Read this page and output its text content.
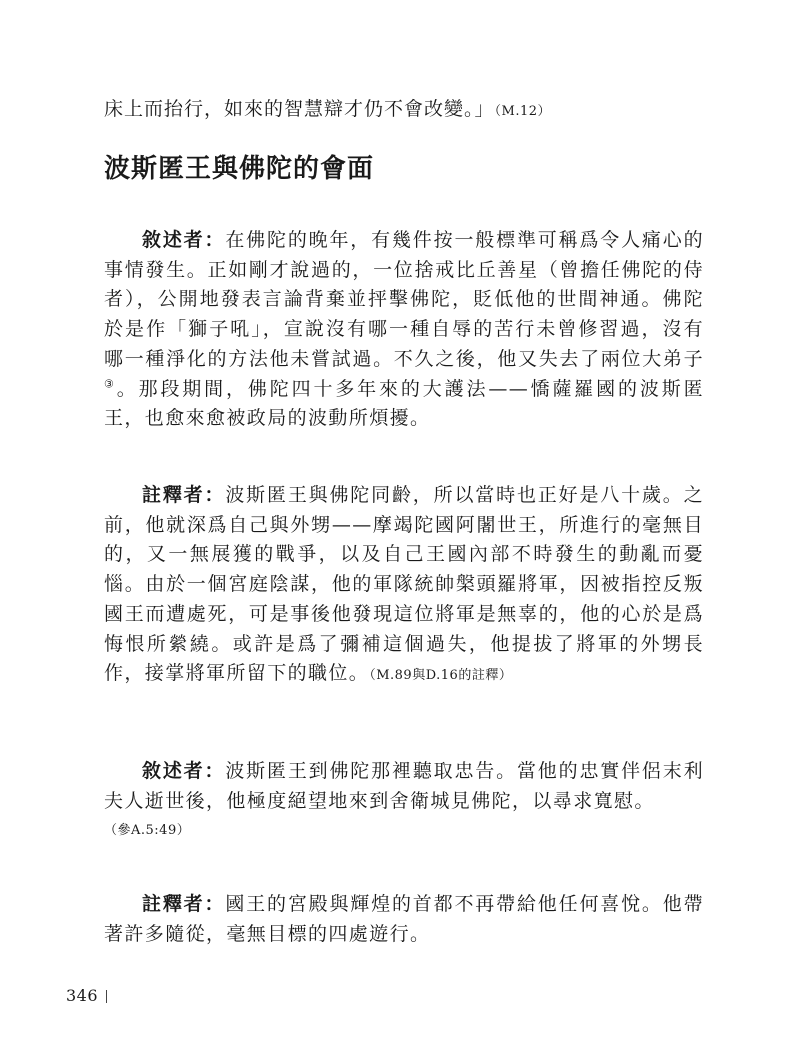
床上而抬行，如來的智慧辯才仍不會改變。」（M.12）
波斯匿王與佛陀的會面

敘述者：在佛陀的晚年，有幾件按一般標準可稱爲令人痛心的事情發生。正如剛才說過的，一位捨戒比丘善星（曾擔任佛陀的侍者），公開地發表言論背棄並抨擊佛陀，貶低他的世間神通。佛陀於是作「獅子吼」，宣說沒有哪一種自辱的苦行未曾修習過，沒有哪一種淨化的方法他未嘗試過。不久之後，他又失去了兩位大弟子③。那段期間，佛陀四十多年來的大護法——憍薩羅國的波斯匿王，也愈來愈被政局的波動所煩擾。

註釋者：波斯匿王與佛陀同齡，所以當時也正好是八十歲。之前，他就深爲自己與外甥——摩竭陀國阿闍世王，所進行的毫無目的，又一無展獲的戰爭，以及自己王國內部不時發生的動亂而憂惱。由於一個宮庭陰謀，他的軍隊統帥槃頭羅將軍，因被指控反叛國王而遭處死，可是事後他發現這位將軍是無辜的，他的心於是爲悔恨所縈繞。或許是爲了彌補這個過失，他提拔了將軍的外甥長作，接掌將軍所留下的職位。（M.89與D.16的註釋）

敘述者：波斯匿王到佛陀那裡聽取忠告。當他的忠實伴侶末利夫人逝世後，他極度絕望地來到舍衛城見佛陀，以尋求寬慰。
（參A.5:49）

註釋者：國王的宮殿與輝煌的首都不再帶給他任何喜悅。他帶著許多隨從，毫無目標的四處遊行。

346
